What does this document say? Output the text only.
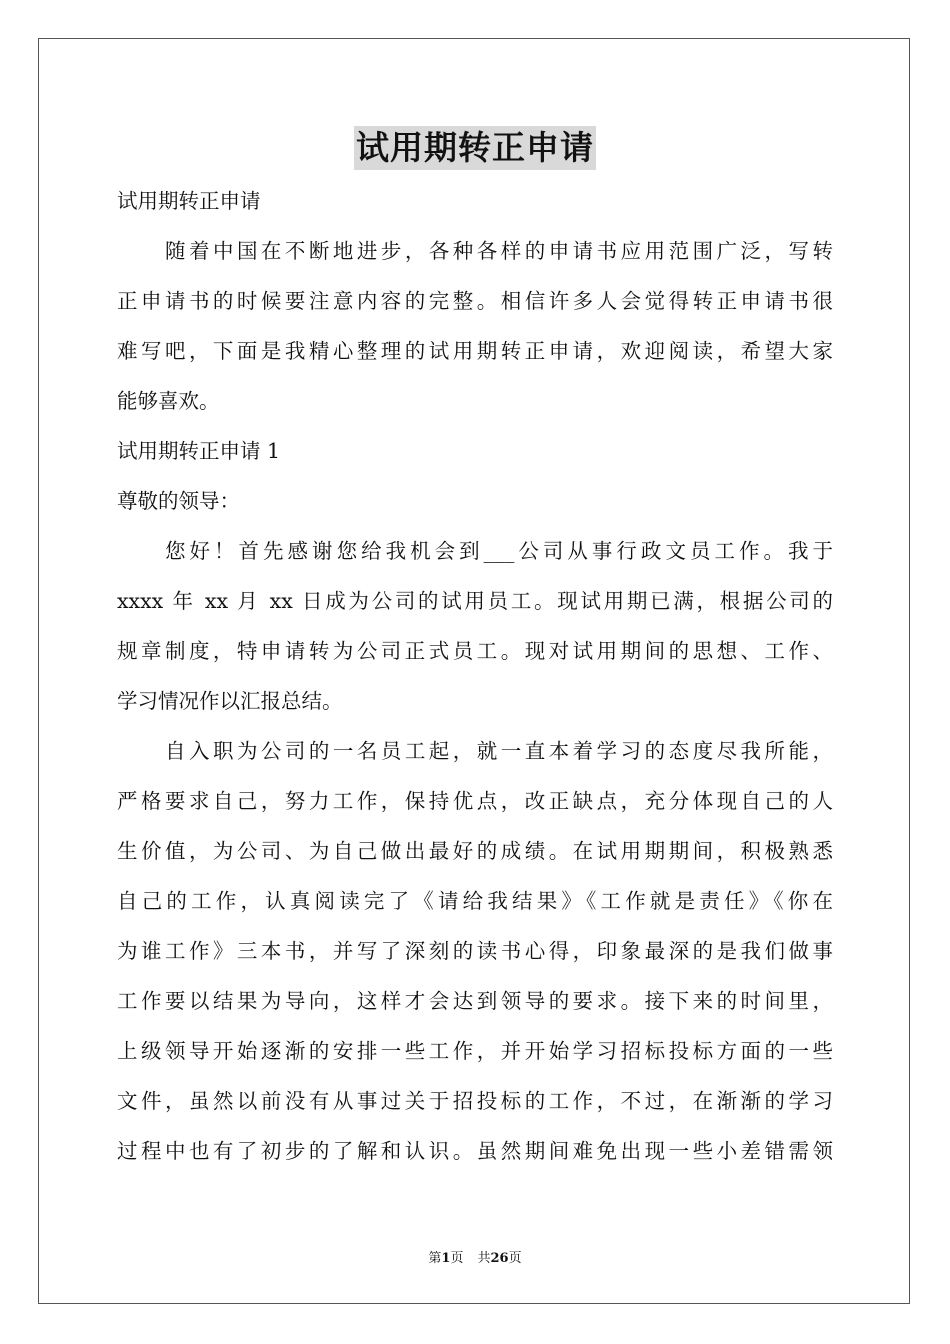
试用期转正申请
试用期转正申请
随着中国在不断地进步，各种各样的申请书应用范围广泛，写转
正申请书的时候要注意内容的完整。相信许多人会觉得转正申请书很
难写吧，下面是我精心整理的试用期转正申请，欢迎阅读，希望大家
能够喜欢。
试用期转正申请 1
尊敬的领导：
您好！首先感谢您给我机会到___公司从事行政文员工作。我于
xxxx 年 xx 月 xx 日成为公司的试用员工。现试用期已满，根据公司的
规章制度，特申请转为公司正式员工。现对试用期间的思想、工作、
学习情况作以汇报总结。
自入职为公司的一名员工起，就一直本着学习的态度尽我所能，
严格要求自己，努力工作，保持优点，改正缺点，充分体现自己的人
生价值，为公司、为自己做出最好的成绩。在试用期期间，积极熟悉
自己的工作，认真阅读完了《请给我结果》《工作就是责任》《你在
为谁工作》三本书，并写了深刻的读书心得，印象最深的是我们做事
工作要以结果为导向，这样才会达到领导的要求。接下来的时间里，
上级领导开始逐渐的安排一些工作，并开始学习招标投标方面的一些
文件，虽然以前没有从事过关于招投标的工作，不过，在渐渐的学习
过程中也有了初步的了解和认识。虽然期间难免出现一些小差错需领
第1页 共26页
